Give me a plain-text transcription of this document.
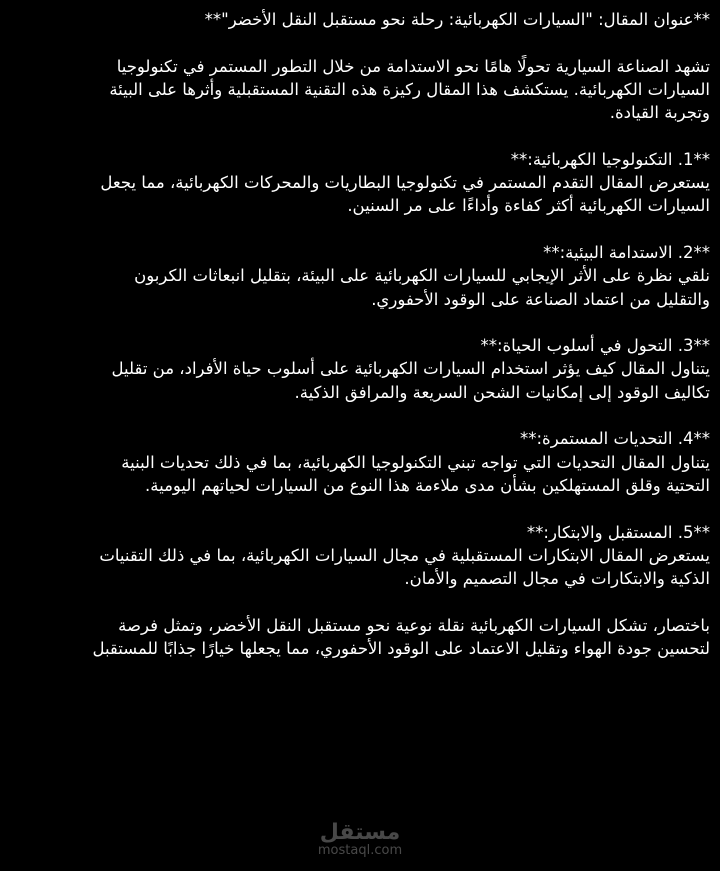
**عنوان المقال: "السيارات الكهربائية: رحلة نحو مستقبل النقل الأخضر"**
تشهد الصناعة السيارية تحولًا هامًا نحو الاستدامة من خلال التطور المستمر في تكنولوجيا
السيارات الكهربائية. يستكشف هذا المقال ركيزة هذه التقنية المستقبلية وأثرها على البيئة
وتجربة القيادة.
**1. التكنولوجيا الكهربائية:**
يستعرض المقال التقدم المستمر في تكنولوجيا البطاريات والمحركات الكهربائية، مما يجعل
السيارات الكهربائية أكثر كفاءة وأداءًا على مر السنين.
**2. الاستدامة البيئية:**
نلقي نظرة على الأثر الإيجابي للسيارات الكهربائية على البيئة، بتقليل انبعاثات الكربون
والتقليل من اعتماد الصناعة على الوقود الأحفوري.
**3. التحول في أسلوب الحياة:**
يتناول المقال كيف يؤثر استخدام السيارات الكهربائية على أسلوب حياة الأفراد، من تقليل
تكاليف الوقود إلى إمكانيات الشحن السريعة والمرافق الذكية.
**4. التحديات المستمرة:**
يتناول المقال التحديات التي تواجه تبني التكنولوجيا الكهربائية، بما في ذلك تحديات البنية
التحتية وقلق المستهلكين بشأن مدى ملاءمة هذا النوع من السيارات لحياتهم اليومية.
**5. المستقبل والابتكار:**
يستعرض المقال الابتكارات المستقبلية في مجال السيارات الكهربائية، بما في ذلك التقنيات
الذكية والابتكارات في مجال التصميم والأمان.
باختصار، تشكل السيارات الكهربائية نقلة نوعية نحو مستقبل النقل الأخضر، وتمثل فرصة
لتحسين جودة الهواء وتقليل الاعتماد على الوقود الأحفوري، مما يجعلها خيارًا جذابًا للمستقبل
مستقل
mostaql.com
